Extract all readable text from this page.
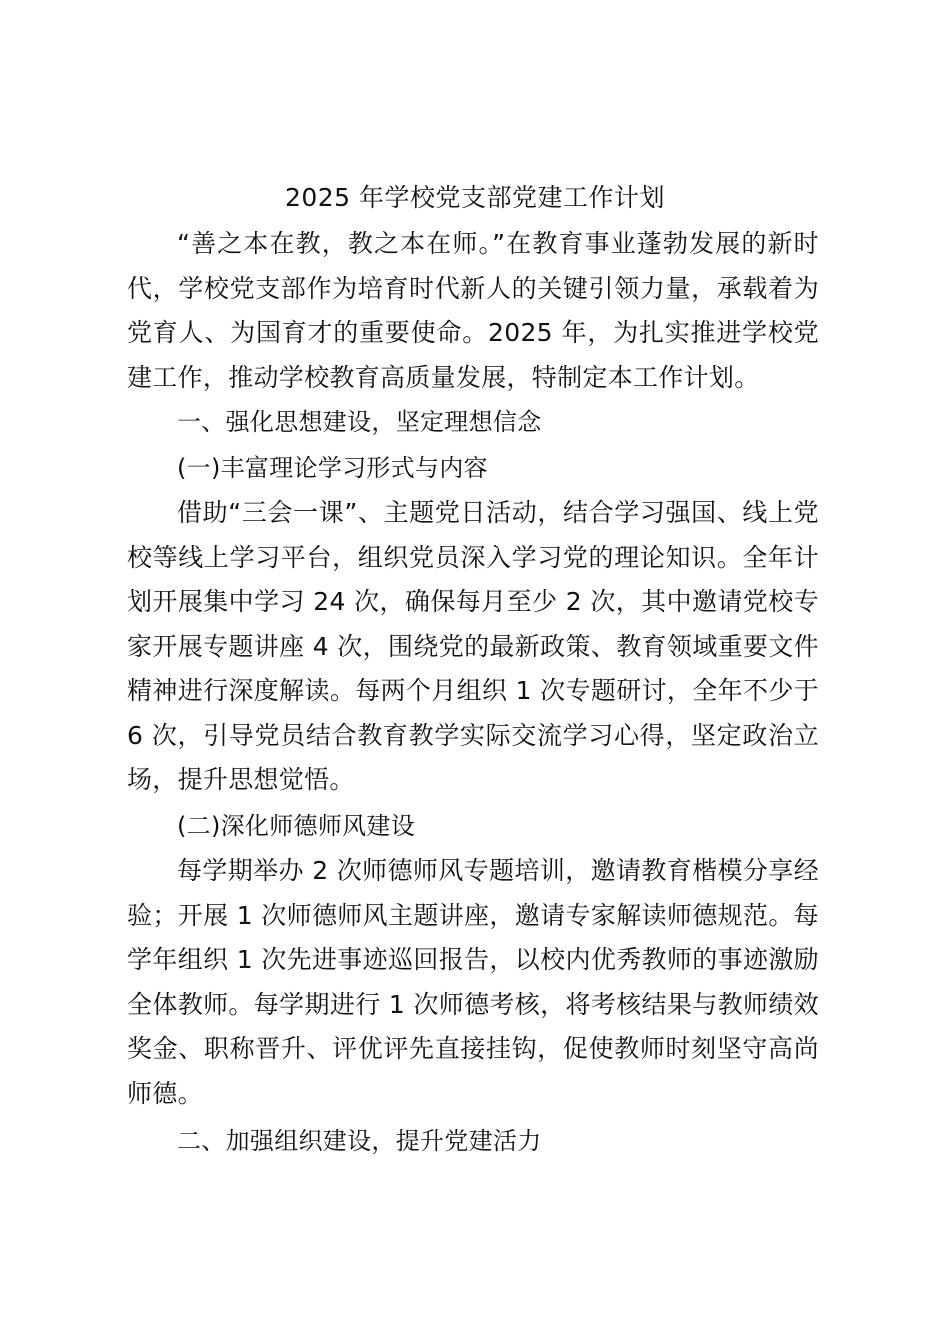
2025 年学校党支部党建工作计划

“善之本在教，教之本在师。”在教育事业蓬勃发展的新时代，学校党支部作为培育时代新人的关键引领力量，承载着为党育人、为国育才的重要使命。2025 年，为扎实推进学校党建工作，推动学校教育高质量发展，特制定本工作计划。

一、强化思想建设，坚定理想信念

(一)丰富理论学习形式与内容

借助“三会一课”、主题党日活动，结合学习强国、线上党校等线上学习平台，组织党员深入学习党的理论知识。全年计划开展集中学习 24 次，确保每月至少 2 次，其中邀请党校专家开展专题讲座 4 次，围绕党的最新政策、教育领域重要文件精神进行深度解读。每两个月组织 1 次专题研讨，全年不少于 6 次，引导党员结合教育教学实际交流学习心得，坚定政治立场，提升思想觉悟。

(二)深化师德师风建设

每学期举办 2 次师德师风专题培训，邀请教育楷模分享经验；开展 1 次师德师风主题讲座，邀请专家解读师德规范。每学年组织 1 次先进事迹巡回报告，以校内优秀教师的事迹激励全体教师。每学期进行 1 次师德考核，将考核结果与教师绩效奖金、职称晋升、评优评先直接挂钩，促使教师时刻坚守高尚师德。

二、加强组织建设，提升党建活力
